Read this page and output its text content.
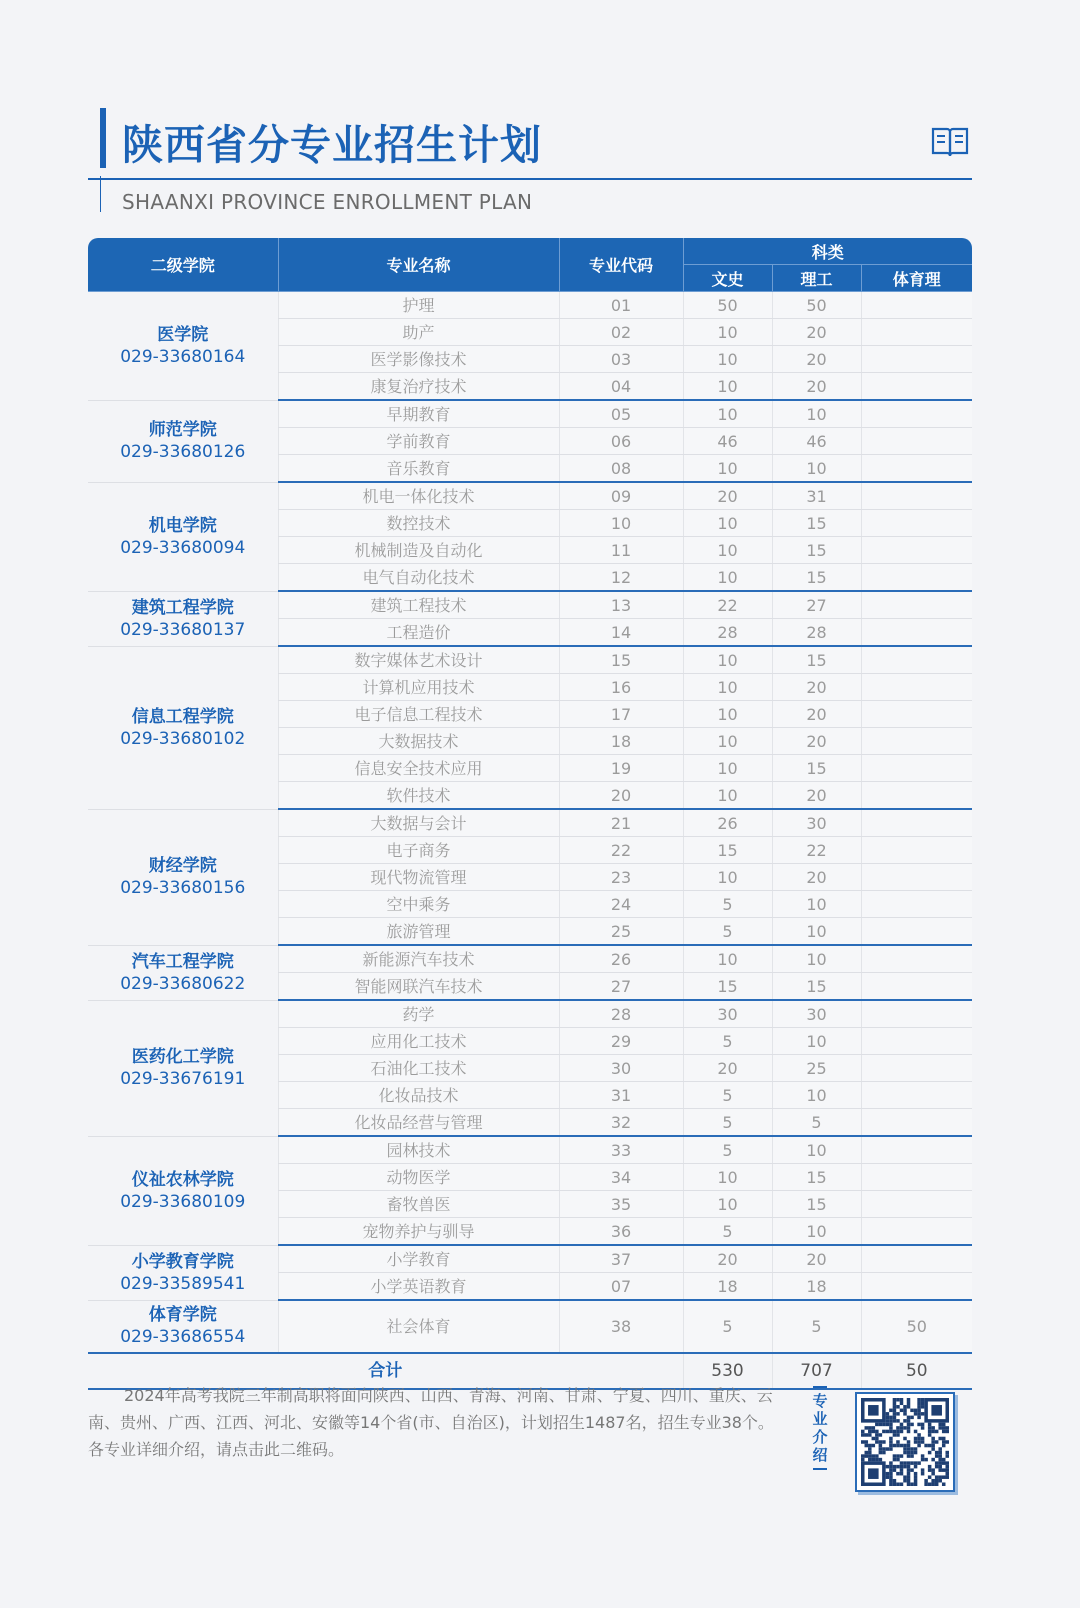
陕西省分专业招生计划
SHAANXI PROVINCE ENROLLMENT PLAN
二级学院	专业名称	专业代码	科类		
			文史	理工	体育理

医学院
029-33680164	护理	01	50	50	
	助产	02	10	20	
	医学影像技术	03	10	20	
	康复治疗技术	04	10	20	

师范学院
029-33680126	早期教育	05	10	10	
	学前教育	06	46	46	
	音乐教育	08	10	10	

机电学院
029-33680094	机电一体化技术	09	20	31	
	数控技术	10	10	15	
	机械制造及自动化	11	10	15	
	电气自动化技术	12	10	15	

建筑工程学院
029-33680137	建筑工程技术	13	22	27	
	工程造价	14	28	28	

信息工程学院
029-33680102	数字媒体艺术设计	15	10	15	
	计算机应用技术	16	10	20	
	电子信息工程技术	17	10	20	
	大数据技术	18	10	20	
	信息安全技术应用	19	10	15	
	软件技术	20	10	20	

财经学院
029-33680156	大数据与会计	21	26	30	
	电子商务	22	15	22	
	现代物流管理	23	10	20	
	空中乘务	24	5	10	
	旅游管理	25	5	10	

汽车工程学院
029-33680622	新能源汽车技术	26	10	10	
	智能网联汽车技术	27	15	15	

医药化工学院
029-33676191	药学	28	30	30	
	应用化工技术	29	5	10	
	石油化工技术	30	20	25	
	化妆品技术	31	5	10	
	化妆品经营与管理	32	5	5	

仪祉农林学院
029-33680109	园林技术	33	5	10	
	动物医学	34	10	15	
	畜牧兽医	35	10	15	
	宠物养护与驯导	36	5	10	

小学教育学院
029-33589541	小学教育	37	20	20	
	小学英语教育	07	18	18	

体育学院
029-33686554	社会体育	38	5	5	50
合计			530	707	50
2024年高考我院三年制高职将面向陕西、山西、青海、河南、甘肃、宁夏、四川、重庆、云南、贵州、广西、江西、河北、安徽等14个省(市、自治区)，计划招生1487名，招生专业38个。各专业详细介绍，请点击此二维码。
专业介绍
